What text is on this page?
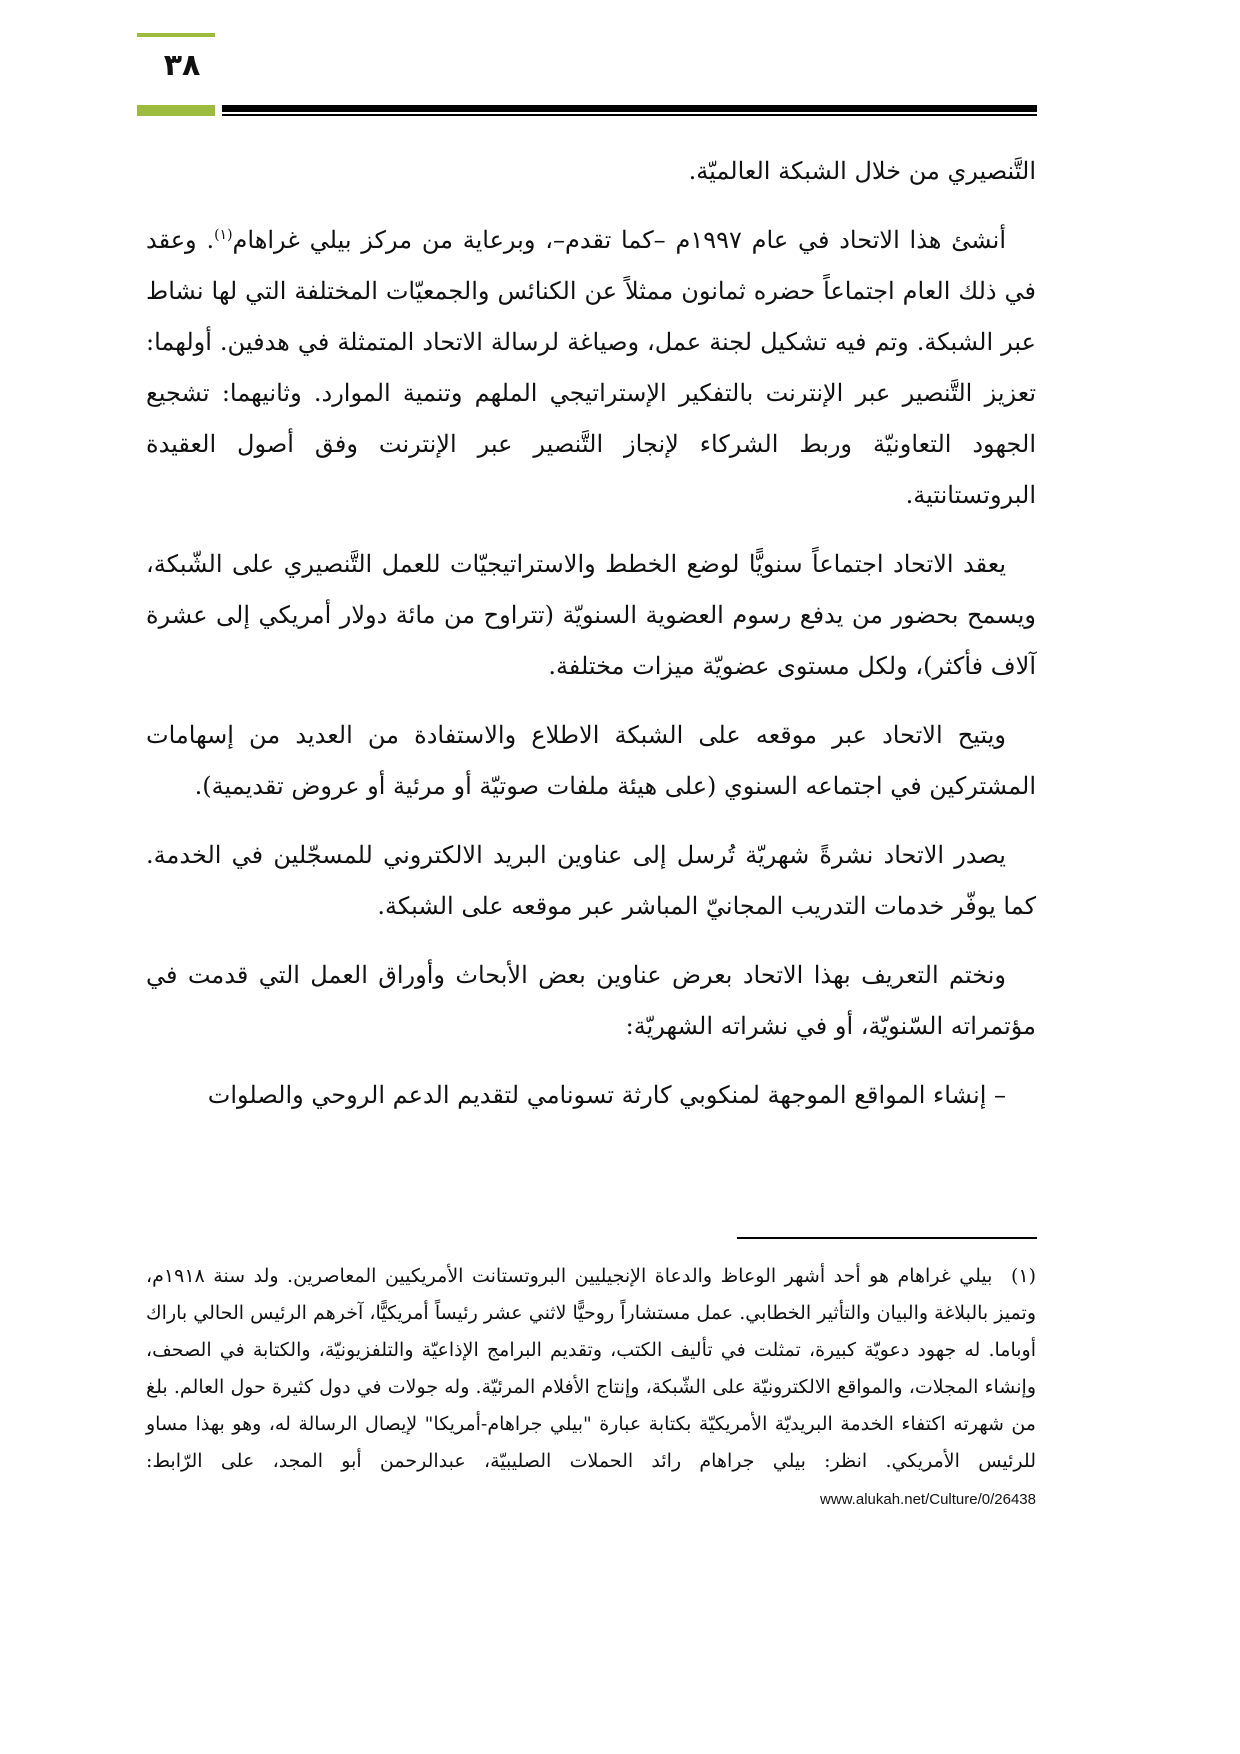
٣٨

التَّنصيري من خلال الشبكة العالميّة.

أنشئ هذا الاتحاد في عام ١٩٩٧م –كما تقدم–، وبرعاية من مركز بيلي غراهام$^{(١)}$. وعقد في ذلك العام اجتماعاً حضره ثمانون ممثلاً عن الكنائس والجمعيّات المختلفة التي لها نشاط عبر الشبكة. وتم فيه تشكيل لجنة عمل، وصياغة لرسالة الاتحاد المتمثلة في هدفين. أولهما: تعزيز التَّنصير عبر الإنترنت بالتفكير الإستراتيجي الملهم وتنمية الموارد. وثانيهما: تشجيع الجهود التعاونيّة وربط الشركاء لإنجاز التَّنصير عبر الإنترنت وفق أصول العقيدة البروتستانتية.

يعقد الاتحاد اجتماعاً سنويًّا لوضع الخطط والاستراتيجيّات للعمل التَّنصيري على الشّبكة، ويسمح بحضور من يدفع رسوم العضوية السنويّة (تتراوح من مائة دولار أمريكي إلى عشرة آلاف فأكثر)، ولكل مستوى عضويّة ميزات مختلفة.

ويتيح الاتحاد عبر موقعه على الشبكة الاطلاع والاستفادة من العديد من إسهامات المشتركين في اجتماعه السنوي (على هيئة ملفات صوتيّة أو مرئية أو عروض تقديمية).

يصدر الاتحاد نشرةً شهريّة تُرسل إلى عناوين البريد الالكتروني للمسجّلين في الخدمة. كما يوفّر خدمات التدريب المجانيّ المباشر عبر موقعه على الشبكة.

ونختم التعريف بهذا الاتحاد بعرض عناوين بعض الأبحاث وأوراق العمل التي قدمت في مؤتمراته السّنويّة، أو في نشراته الشهريّة:

– إنشاء المواقع الموجهة لمنكوبي كارثة تسونامي لتقديم الدعم الروحي والصلوات

(١) بيلي غراهام هو أحد أشهر الوعاظ والدعاة الإنجيليين البروتستانت الأمريكيين المعاصرين. ولد سنة ١٩١٨م، وتميز بالبلاغة والبيان والتأثير الخطابي. عمل مستشاراً روحيًّا لاثني عشر رئيساً أمريكيًّا، آخرهم الرئيس الحالي باراك أوباما. له جهود دعويّة كبيرة، تمثلت في تأليف الكتب، وتقديم البرامج الإذاعيّة والتلفزيونيّة، والكتابة في الصحف، وإنشاء المجلات، والمواقع الالكترونيّة على الشّبكة، وإنتاج الأفلام المرئيّة. وله جولات في دول كثيرة حول العالم. بلغ من شهرته اكتفاء الخدمة البريديّة الأمريكيّة بكتابة عبارة "بيلي جراهام-أمريكا" لإيصال الرسالة له، وهو بهذا مساو للرئيس الأمريكي. انظر: بيلي جراهام رائد الحملات الصليبيّة، عبدالرحمن أبو المجد، على الرّابط: www.alukah.net/Culture/0/26438
